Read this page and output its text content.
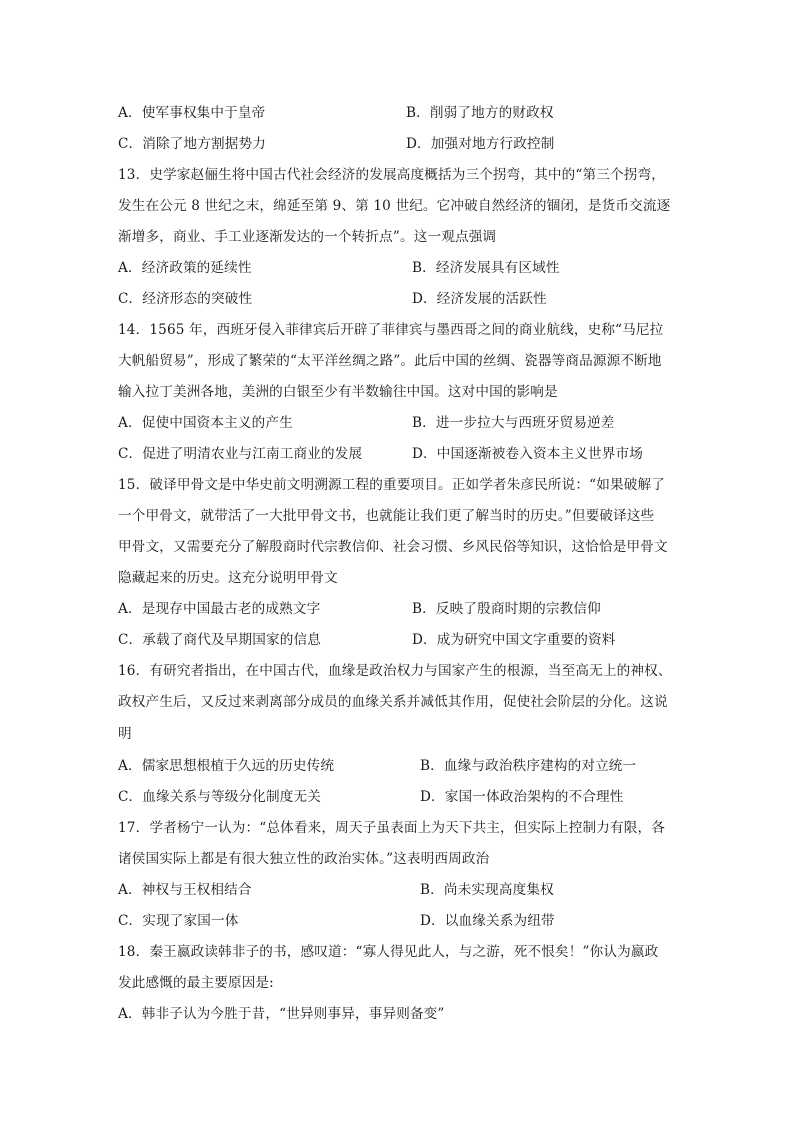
A．使军事权集中于皇帝	B．削弱了地方的财政权
C．消除了地方割据势力	D．加强对地方行政控制
13．史学家赵俪生将中国古代社会经济的发展高度概括为三个拐弯，其中的“第三个拐弯，
发生在公元 8 世纪之末，绵延至第 9、第 10 世纪。它冲破自然经济的锢闭，是货币交流逐
渐增多，商业、手工业逐渐发达的一个转折点”。这一观点强调
A．经济政策的延续性	B．经济发展具有区域性
C．经济形态的突破性	D．经济发展的活跃性
14．1565 年，西班牙侵入菲律宾后开辟了菲律宾与墨西哥之间的商业航线，史称“马尼拉
大帆船贸易”，形成了繁荣的“太平洋丝绸之路”。此后中国的丝绸、瓷器等商品源源不断地
输入拉丁美洲各地，美洲的白银至少有半数输往中国。这对中国的影响是
A．促使中国资本主义的产生	B．进一步拉大与西班牙贸易逆差
C．促进了明清农业与江南工商业的发展	D．中国逐渐被卷入资本主义世界市场
15．破译甲骨文是中华史前文明溯源工程的重要项目。正如学者朱彦民所说：“如果破解了
一个甲骨文，就带活了一大批甲骨文书，也就能让我们更了解当时的历史。”但要破译这些
甲骨文，又需要充分了解殷商时代宗教信仰、社会习惯、乡风民俗等知识，这恰恰是甲骨文
隐藏起来的历史。这充分说明甲骨文
A．是现存中国最古老的成熟文字	B．反映了殷商时期的宗教信仰
C．承载了商代及早期国家的信息	D．成为研究中国文字重要的资料
16．有研究者指出，在中国古代，血缘是政治权力与国家产生的根源，当至高无上的神权、
政权产生后，又反过来剥离部分成员的血缘关系并减低其作用，促使社会阶层的分化。这说
明
A．儒家思想根植于久远的历史传统	B．血缘与政治秩序建构的对立统一
C．血缘关系与等级分化制度无关	D．家国一体政治架构的不合理性
17．学者杨宁一认为：“总体看来，周天子虽表面上为天下共主，但实际上控制力有限，各
诸侯国实际上都是有很大独立性的政治实体。”这表明西周政治
A．神权与王权相结合	B．尚未实现高度集权
C．实现了家国一体	D．以血缘关系为纽带
18．秦王嬴政读韩非子的书，感叹道：“寡人得见此人，与之游，死不恨矣！”你认为嬴政
发此感慨的最主要原因是:
A．韩非子认为今胜于昔，“世异则事异，事异则备变”
